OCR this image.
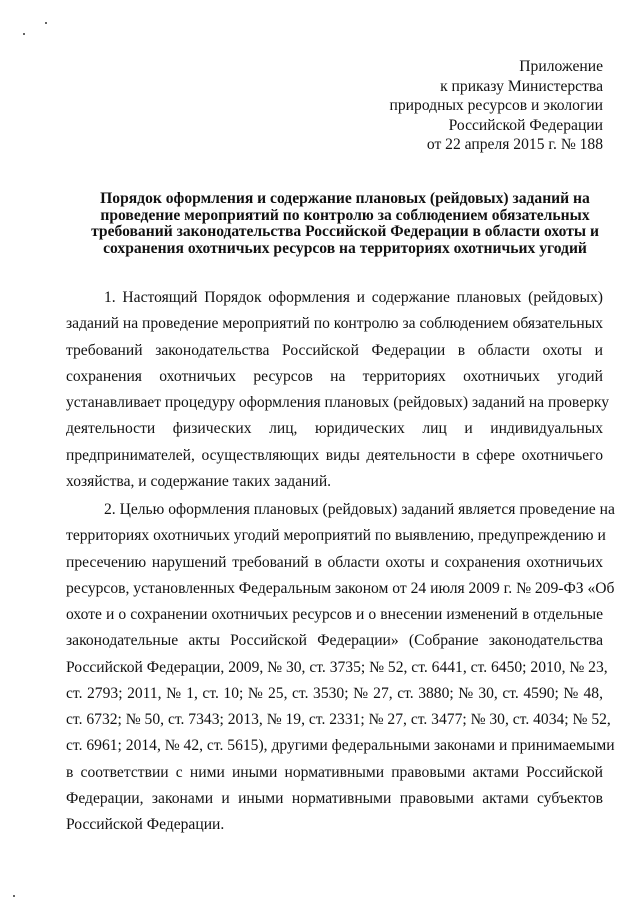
Приложение
к приказу Министерства
природных ресурсов и экологии
Российской Федерации
от 22 апреля 2015 г. № 188
Порядок оформления и содержание плановых (рейдовых) заданий на
проведение мероприятий по контролю за соблюдением обязательных
требований законодательства Российской Федерации в области охоты и
сохранения охотничьих ресурсов на территориях охотничьих угодий
1. Настоящий Порядок оформления и содержание плановых (рейдовых)
заданий на проведение мероприятий по контролю за соблюдением обязательных
требований законодательства Российской Федерации в области охоты и
сохранения охотничьих ресурсов на территориях охотничьих угодий
устанавливает процедуру оформления плановых (рейдовых) заданий на проверку
деятельности физических лиц, юридических лиц и индивидуальных
предпринимателей, осуществляющих виды деятельности в сфере охотничьего
хозяйства, и содержание таких заданий.
2. Целью оформления плановых (рейдовых) заданий является проведение на
территориях охотничьих угодий мероприятий по выявлению, предупреждению и
пресечению нарушений требований в области охоты и сохранения охотничьих
ресурсов, установленных Федеральным законом от 24 июля 2009 г. № 209-ФЗ «Об
охоте и о сохранении охотничьих ресурсов и о внесении изменений в отдельные
законодательные акты Российской Федерации» (Собрание законодательства
Российской Федерации, 2009, № 30, ст. 3735; № 52, ст. 6441, ст. 6450; 2010, № 23,
ст. 2793; 2011, № 1, ст. 10; № 25, ст. 3530; № 27, ст. 3880; № 30, ст. 4590; № 48,
ст. 6732; № 50, ст. 7343; 2013, № 19, ст. 2331; № 27, ст. 3477; № 30, ст. 4034; № 52,
ст. 6961; 2014, № 42, ст. 5615), другими федеральными законами и принимаемыми
в соответствии с ними иными нормативными правовыми актами Российской
Федерации, законами и иными нормативными правовыми актами субъектов
Российской Федерации.
